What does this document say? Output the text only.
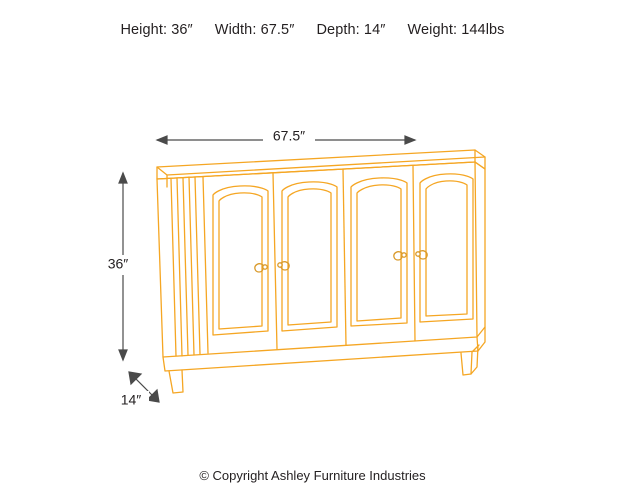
Height: 36″ Width: 67.5″ Depth: 14″ Weight: 144lbs
67.5″
36″
14″
© Copyright Ashley Furniture Industries
